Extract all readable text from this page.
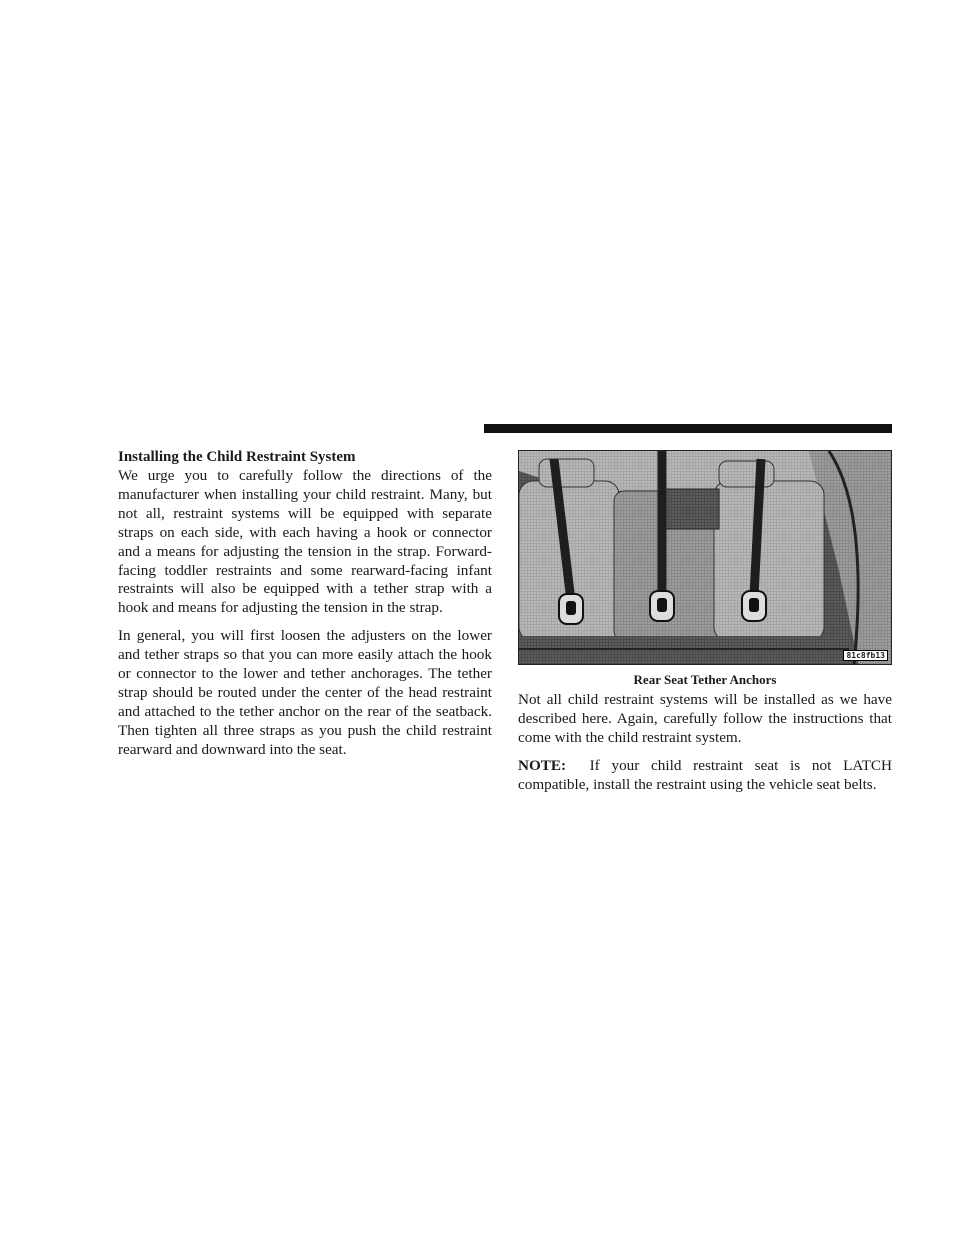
Installing the Child Restraint System

We urge you to carefully follow the directions of the manufacturer when installing your child restraint. Many, but not all, restraint systems will be equipped with separate straps on each side, with each having a hook or connector and a means for adjusting the tension in the strap. Forward-facing toddler restraints and some rearward-facing infant restraints will also be equipped with a tether strap with a hook and means for adjusting the tension in the strap.

In general, you will first loosen the adjusters on the lower and tether straps so that you can more easily attach the hook or connector to the lower and tether anchorages. The tether strap should be routed under the center of the head restraint and attached to the tether anchor on the rear of the seatback. Then tighten all three straps as you push the child restraint rearward and downward into the seat.

81c8fb13
Rear Seat Tether Anchors

Not all child restraint systems will be installed as we have described here. Again, carefully follow the instructions that come with the child restraint system.

NOTE: If your child restraint seat is not LATCH compatible, install the restraint using the vehicle seat belts.
